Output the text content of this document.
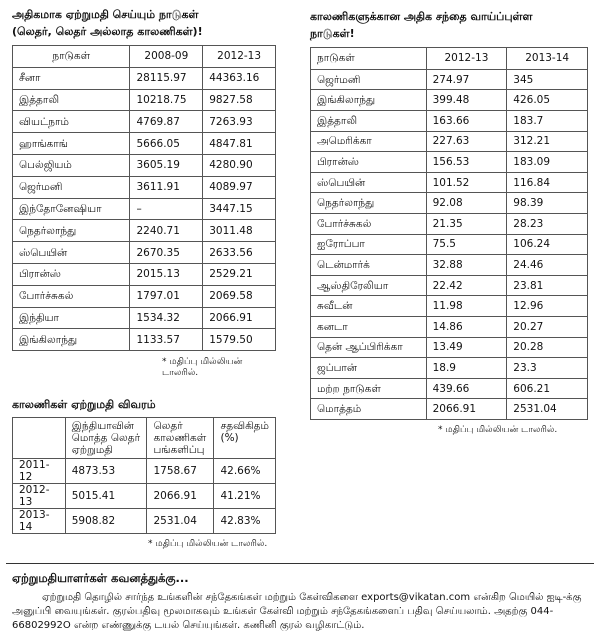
அதிகமாக ஏற்றுமதி செய்யும் நாடுகள்
(லெதர், லெதர் அல்லாத காலணிகள்)!
நாடுகள்	2008-09	2012-13
சீனா	28115.97	44363.16
இத்தாலி	10218.75	9827.58
வியட்நாம்	4769.87	7263.93
ஹாங்காங்	5666.05	4847.81
பெல்ஜியம்	3605.19	4280.90
ஜெர்மனி	3611.91	4089.97
இந்தோனேஷியா	–	3447.15
நெதர்லாந்து	2240.71	3011.48
ஸ்பெயின்	2670.35	2633.56
பிரான்ஸ்	2015.13	2529.21
போர்ச்சுகல்	1797.01	2069.58
இந்தியா	1534.32	2066.91
இங்கிலாந்து	1133.57	1579.50
* மதிப்பு மில்லியன் டாலரில்.
காலணிகள் ஏற்றுமதி விவரம்
	இந்தியாவின் மொத்த லெதர் ஏற்றுமதி	லெதர் காலணிகள் பங்களிப்பு	சதவிகிதம் (%)
2011-12	4873.53	1758.67	42.66%
2012-13	5015.41	2066.91	41.21%
2013-14	5908.82	2531.04	42.83%
* மதிப்பு மில்லியன் டாலரில்.
காலணிகளுக்கான அதிக சந்தை வாய்ப்புள்ள
நாடுகள்!
நாடுகள்	2012-13	2013-14
ஜெர்மனி	274.97	345
இங்கிலாந்து	399.48	426.05
இத்தாலி	163.66	183.7
அமெரிக்கா	227.63	312.21
பிரான்ஸ்	156.53	183.09
ஸ்பெயின்	101.52	116.84
நெதர்லாந்து	92.08	98.39
போர்ச்சுகல்	21.35	28.23
ஐரோப்பா	75.5	106.24
டென்மார்க்	32.88	24.46
ஆஸ்திரேலியா	22.42	23.81
சுவீடன்	11.98	12.96
கனடா	14.86	20.27
தென் ஆப்பிரிக்கா	13.49	20.28
ஜப்பான்	18.9	23.3
மற்ற நாடுகள்	439.66	606.21
மொத்தம்	2066.91	2531.04
* மதிப்பு மில்லியன் டாலரில்.
ஏற்றுமதியாளர்கள் கவனத்துக்கு...
ஏற்றுமதி தொழில் சார்ந்த உங்களின் சந்தேகங்கள் மற்றும் கேள்விகளை exports@vikatan.com என்கிற மெயில் ஐடி-க்கு அனுப்பி வையுங்கள். குரல்பதிவு மூலமாகவும் உங்கள் கேள்வி மற்றும் சந்தேகங்களைப் பதிவு செய்யலாம். அதற்கு 044-66802992O என்ற எண்ணுக்கு டயல் செய்யுங்கள். கணினி குரல் வழிகாட்டும்.
